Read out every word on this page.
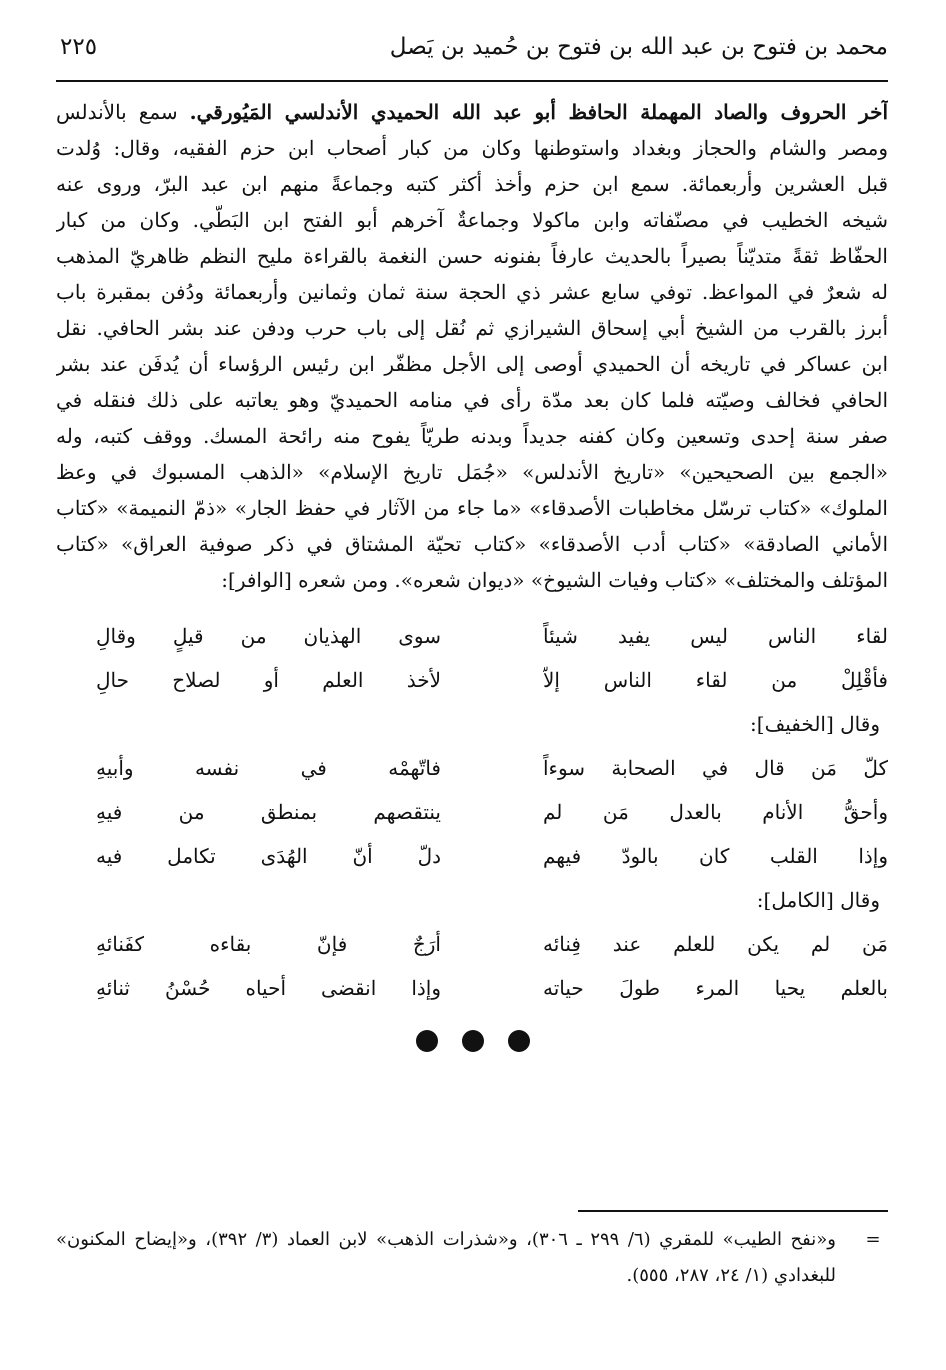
محمد بن فتوح بن عبد الله بن فتوح بن حُميد بن يَصل
٢٢٥
آخر الحروف والصاد المهملة الحافظ أبو عبد الله الحميدي الأندلسي المَيُورقي. سمع بالأندلس
ومصر والشام والحجاز وبغداد واستوطنها وكان من كبار أصحاب ابن حزم الفقيه، وقال: وُلدت
قبل العشرين وأربعمائة. سمع ابن حزم وأخذ أكثر كتبه وجماعةً منهم ابن عبد البرّ، وروى عنه
شيخه الخطيب في مصنّفاته وابن ماكولا وجماعةٌ آخرهم أبو الفتح ابن البَطّي. وكان من كبار
الحفّاظ ثقةً متديّناً بصيراً بالحديث عارفاً بفنونه حسن النغمة بالقراءة مليح النظم ظاهريّ المذهب
له شعرٌ في المواعظ. توفي سابع عشر ذي الحجة سنة ثمان وثمانين وأربعمائة ودُفن بمقبرة باب
أبرز بالقرب من الشيخ أبي إسحاق الشيرازي ثم نُقل إلى باب حرب ودفن عند بشر الحافي. نقل
ابن عساكر في تاريخه أن الحميدي أوصى إلى الأجل مظفّر ابن رئيس الرؤساء أن يُدفَن عند بشر
الحافي فخالف وصيّته فلما كان بعد مدّة رأى في منامه الحميديّ وهو يعاتبه على ذلك فنقله في
صفر سنة إحدى وتسعين وكان كفنه جديداً وبدنه طريّاً يفوح منه رائحة المسك. ووقف كتبه، وله
«الجمع بين الصحيحين» «تاريخ الأندلس» «جُمَل تاريخ الإسلام» «الذهب المسبوك في وعظ
الملوك» «كتاب ترسّل مخاطبات الأصدقاء» «ما جاء من الآثار في حفظ الجار» «ذمّ النميمة» «كتاب
الأماني الصادقة» «كتاب أدب الأصدقاء» «كتاب تحيّة المشتاق في ذكر صوفية العراق» «كتاب
المؤتلف والمختلف» «كتاب وفيات الشيوخ» «ديوان شعره». ومن شعره [الوافر]:
لقاء الناس ليس يفيد شيئاً
سوى الهذيان من قيلٍ وقالِ
فأقْلِلْ من لقاء الناس إلاّ
لأخذ العلم أو لصلاح حالِ
وقال [الخفيف]:
كلّ مَن قال في الصحابة سوءاً
فاتّهمْه في نفسه وأبيهِ
وأحقُّ الأنام بالعدل مَن لم
ينتقصهم بمنطق من فيهِ
وإذا القلب كان بالودّ فيهم
دلّ أنّ الهُدَى تكامل فيه
وقال [الكامل]:
مَن لم يكن للعلم عند فِنائه
أرَجٌ فإنّ بقاءه كفَنائهِ
بالعلم يحيا المرء طولَ حياته
وإذا انقضى أحياه حُسْنُ ثنائهِ
=
و«نفح الطيب» للمقري (٦/ ٢٩٩ ـ ٣٠٦)، و«شذرات الذهب» لابن العماد (٣/ ٣٩٢)، و«إيضاح المكنون»
للبغدادي (١/ ٢٤، ٢٨٧، ٥٥٥).
